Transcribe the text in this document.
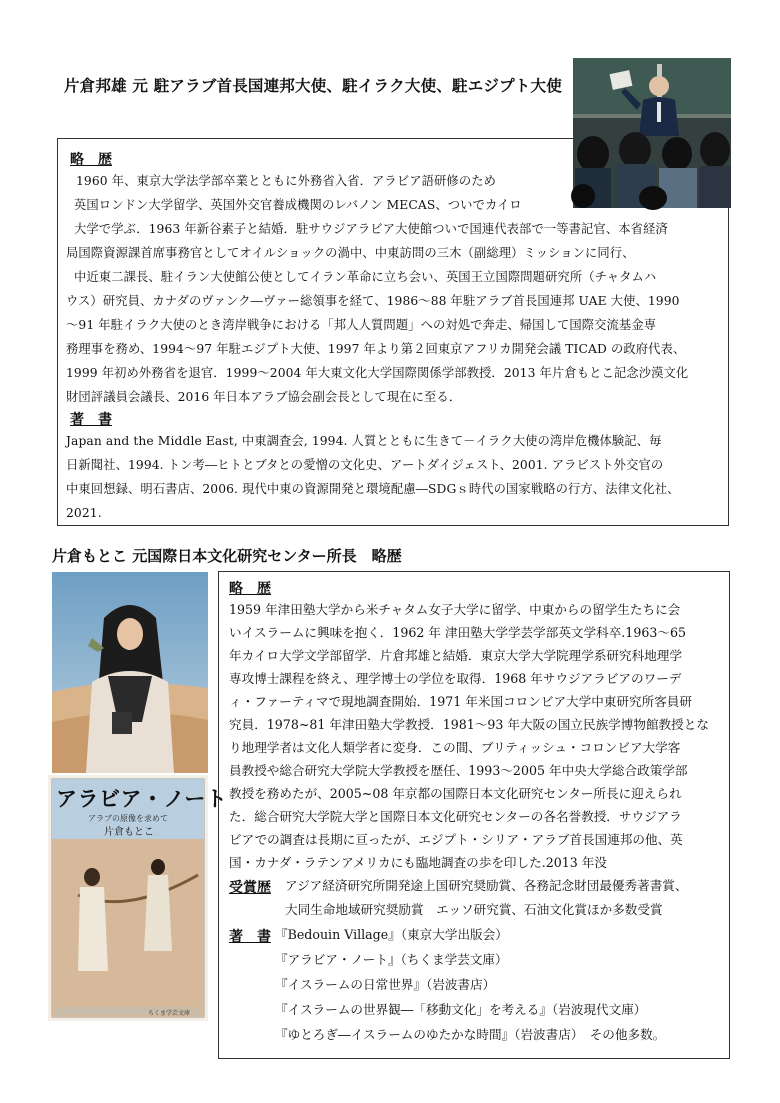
片倉邦雄 元 駐アラブ首長国連邦大使、駐イラク大使、駐エジプト大使
略　歴
1960 年、東京大学法学部卒業とともに外務省入省．アラビア語研修のため
英国ロンドン大学留学、英国外交官養成機関のレバノン MECAS、ついでカイロ
大学で学ぶ．1963 年新谷素子と結婚．駐サウジアラビア大使館ついで国連代表部で一等書記官、本省経済
局国際資源課首席事務官としてオイルショックの渦中、中東訪問の三木（副総理）ミッションに同行、
中近東二課長、駐イラン大使館公使としてイラン革命に立ち会い、英国王立国際問題研究所（チャタムハ
ウス）研究員、カナダのヴァンク―ヴァー総領事を経て、1986～88 年駐アラブ首長国連邦 UAE 大使、1990
～91 年駐イラク大使のとき湾岸戦争における「邦人人質問題」への対処で奔走、帰国して国際交流基金専
務理事を務め、1994～97 年駐エジプト大使、1997 年より第２回東京アフリカ開発会議 TICAD の政府代表、
1999 年初め外務省を退官．1999～2004 年大東文化大学国際関係学部教授．2013 年片倉もとこ記念沙漠文化
財団評議員会議長、2016 年日本アラブ協会副会長として現在に至る．
著　書
Japan and the Middle East, 中東調査会, 1994. 人質とともに生きて－イラク大使の湾岸危機体験記、毎
日新聞社、1994. トン考―ヒトとブタとの愛憎の文化史、アートダイジェスト、2001. アラビスト外交官の
中東回想録、明石書店、2006. 現代中東の資源開発と環境配慮―SDGｓ時代の国家戦略の行方、法律文化社、
2021.
片倉もとこ 元国際日本文化研究センター所長　略歴
アラビア・ノート
アラブの原像を求めて
片倉もとこ
ちくま学芸文庫
略　歴
1959 年津田塾大学から米チャタム女子大学に留学、中東からの留学生たちに会
いイスラームに興味を抱く．1962 年 津田塾大学学芸学部英文学科卒.1963～65
年カイロ大学文学部留学．片倉邦雄と結婚．東京大学大学院理学系研究科地理学
専攻博士課程を終え、理学博士の学位を取得．1968 年サウジアラビアのワーデ
ィ・ファーティマで現地調査開始．1971 年米国コロンビア大学中東研究所客員研
究員．1978~81 年津田塾大学教授．1981～93 年大阪の国立民族学博物館教授とな
り地理学者は文化人類学者に変身．この間、ブリティッシュ・コロンビア大学客
員教授や総合研究大学院大学教授を歴任、1993～2005 年中央大学総合政策学部
教授を務めたが、2005~08 年京都の国際日本文化研究センター所長に迎えられ
た．総合研究大学院大学と国際日本文化研究センターの各名誉教授．サウジアラ
ビアでの調査は長期に亘ったが、エジプト・シリア・アラブ首長国連邦の他、英
国・カナダ・ラテンアメリカにも臨地調査の歩を印した.2013 年没
受賞歴 アジア経済研究所開発途上国研究奨励賞、各務記念財団最優秀著書賞、
大同生命地域研究奨励賞　エッソ研究賞、石油文化賞ほか多数受賞
著　書 『Bedouin Village』（東京大学出版会）
『アラビア・ノート』（ちくま学芸文庫）
『イスラームの日常世界』（岩波書店）
『イスラームの世界観―「移動文化」を考える』（岩波現代文庫）
『ゆとろぎ―イスラームのゆたかな時間』（岩波書店）　その他多数。
